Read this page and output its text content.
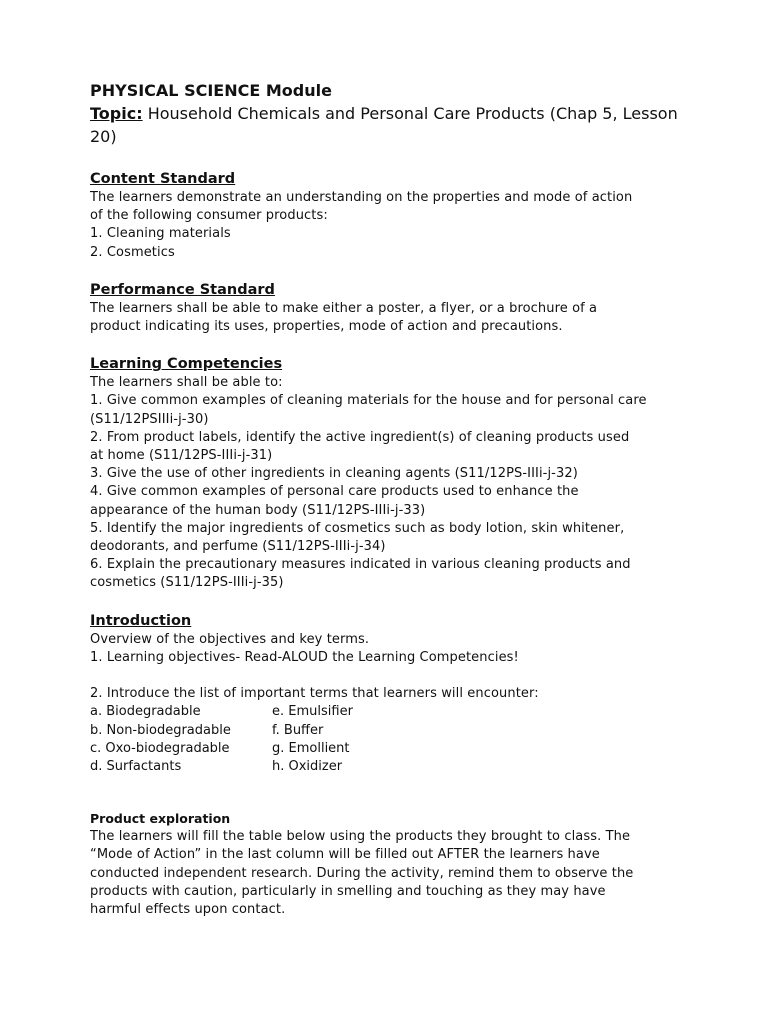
PHYSICAL SCIENCE Module

Topic: Household Chemicals and Personal Care Products (Chap 5, Lesson 20)

Content Standard

The learners demonstrate an understanding on the properties and mode of action

of the following consumer products:

1. Cleaning materials

2. Cosmetics

Performance Standard

The learners shall be able to make either a poster, a flyer, or a brochure of a

product indicating its uses, properties, mode of action and precautions.

Learning Competencies

The learners shall be able to:

1. Give common examples of cleaning materials for the house and for personal care

(S11/12PSIIIi-j-30)

2. From product labels, identify the active ingredient(s) of cleaning products used

at home (S11/12PS-IIIi-j-31)

3. Give the use of other ingredients in cleaning agents (S11/12PS-IIIi-j-32)

4. Give common examples of personal care products used to enhance the

appearance of the human body (S11/12PS-IIIi-j-33)

5. Identify the major ingredients of cosmetics such as body lotion, skin whitener,

deodorants, and perfume (S11/12PS-IIIi-j-34)

6. Explain the precautionary measures indicated in various cleaning products and

cosmetics (S11/12PS-IIIi-j-35)

Introduction

Overview of the objectives and key terms.

1. Learning objectives- Read-ALOUD the Learning Competencies!

2. Introduce the list of important terms that learners will encounter:

a. Biodegradable	e. Emulsifier
b. Non-biodegradable	f. Buffer
c. Oxo-biodegradable	g. Emollient
d. Surfactants	h. Oxidizer

Product exploration

The learners will fill the table below using the products they brought to class. The

“Mode of Action” in the last column will be filled out AFTER the learners have

conducted independent research. During the activity, remind them to observe the

products with caution, particularly in smelling and touching as they may have

harmful effects upon contact.
